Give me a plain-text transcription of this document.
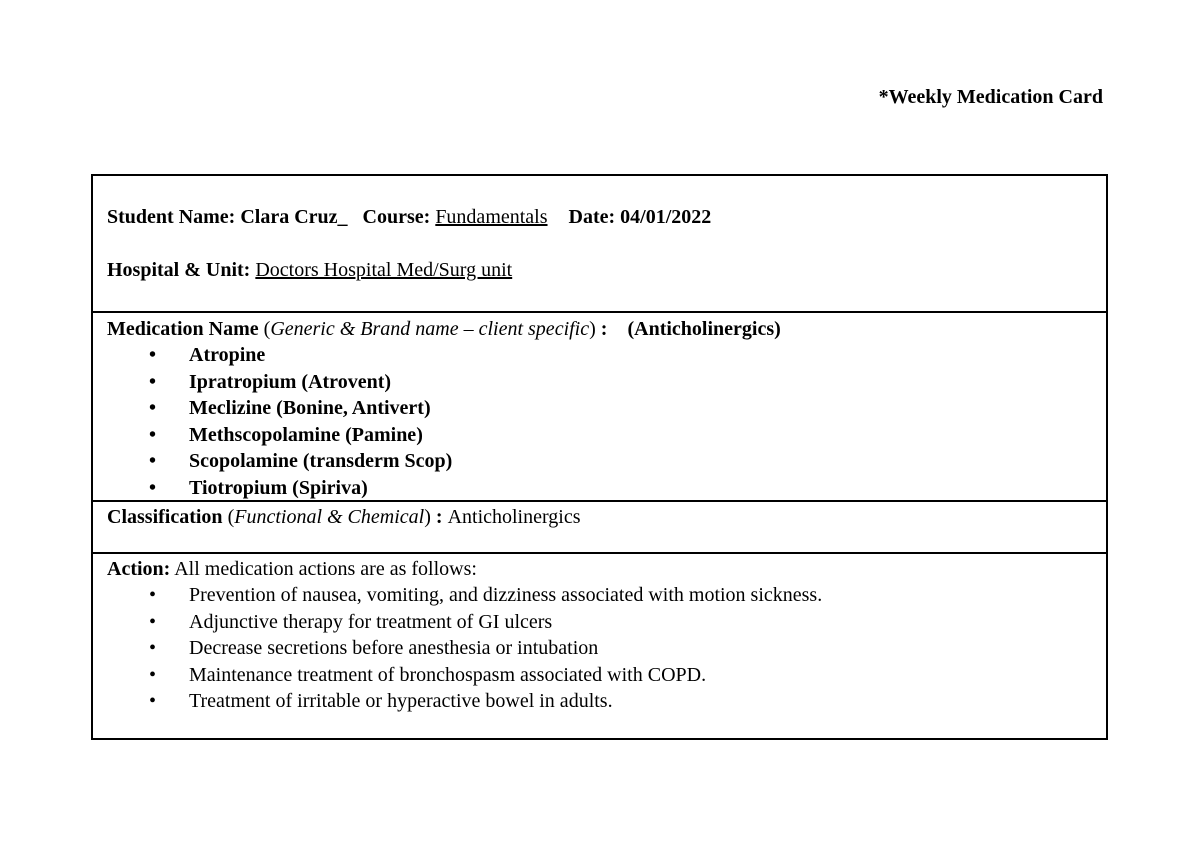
*Weekly Medication Card
Student Name: Clara Cruz_ Course: Fundamentals Date: 04/01/2022
Hospital & Unit: Doctors Hospital Med/Surg unit
Medication Name (Generic & Brand name – client specific) :  (Anticholinergics)
• Atropine
• Ipratropium (Atrovent)
• Meclizine (Bonine, Antivert)
• Methscopolamine (Pamine)
• Scopolamine (transderm Scop)
• Tiotropium (Spiriva)
Classification (Functional & Chemical) : Anticholinergics
Action: All medication actions are as follows:
• Prevention of nausea, vomiting, and dizziness associated with motion sickness.
• Adjunctive therapy for treatment of GI ulcers
• Decrease secretions before anesthesia or intubation
• Maintenance treatment of bronchospasm associated with COPD.
• Treatment of irritable or hyperactive bowel in adults.
